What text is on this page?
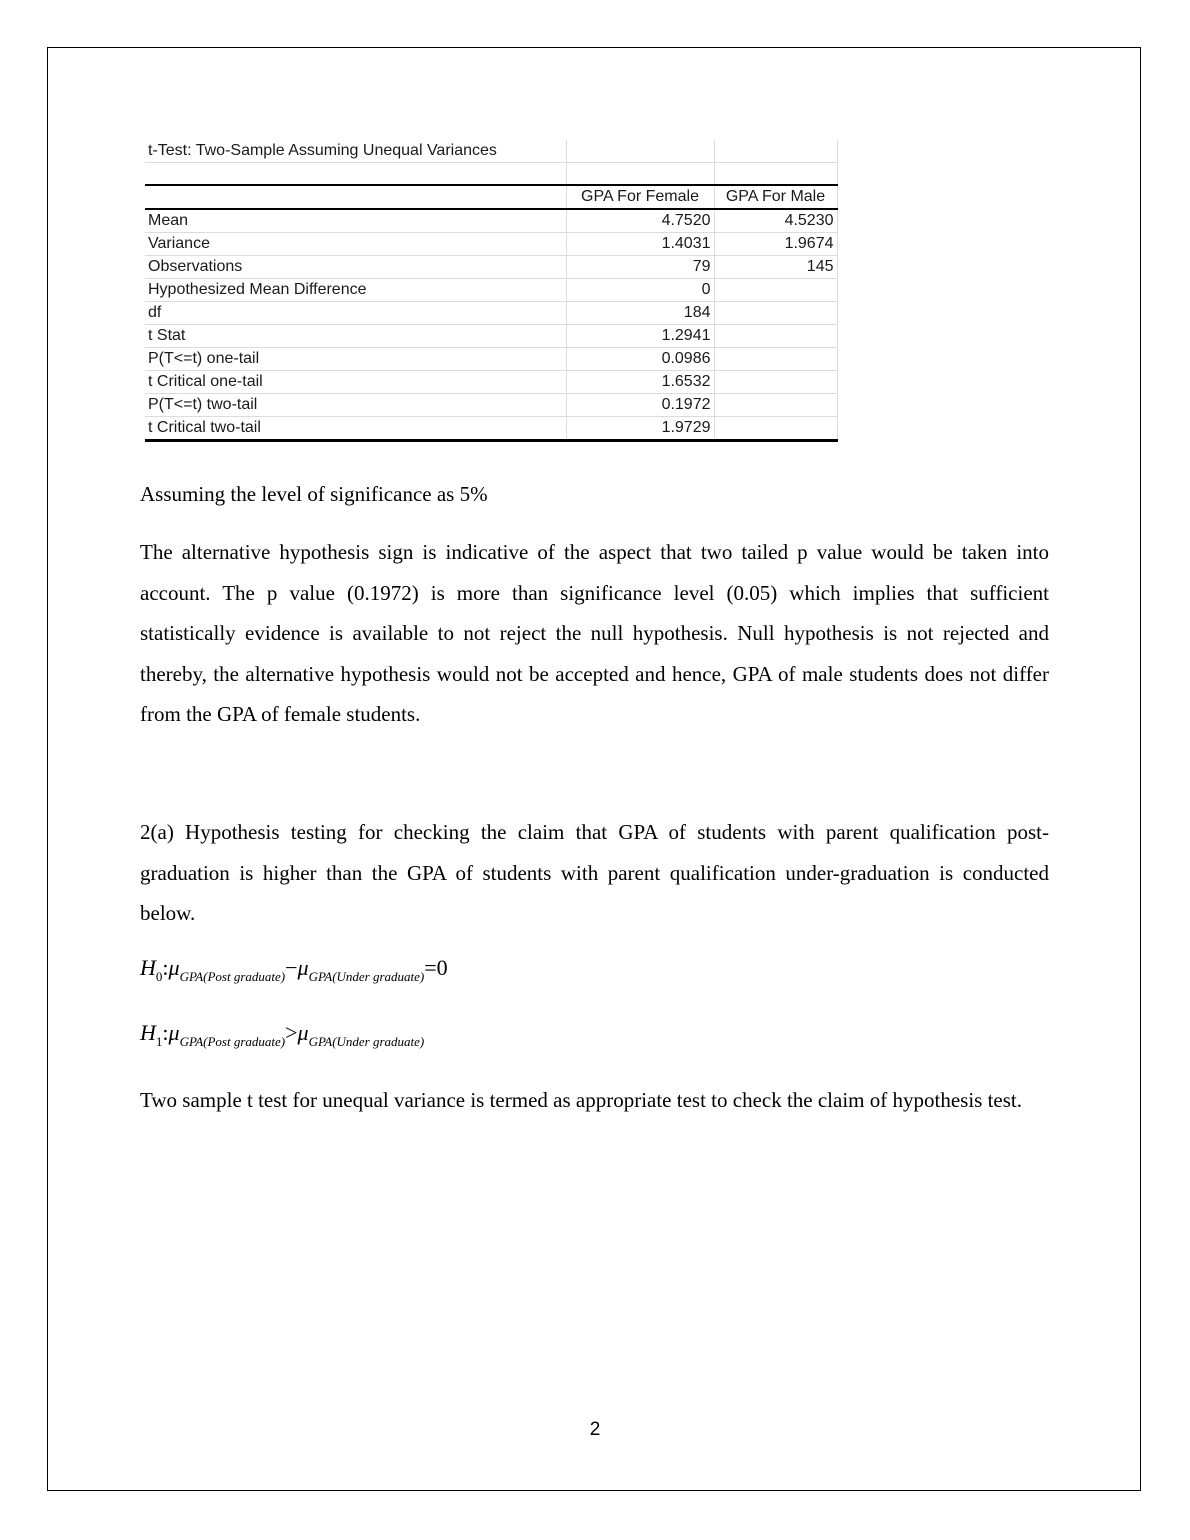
t-Test: Two-Sample Assuming Unequal Variances		

	GPA For Female	GPA For Male
Mean	4.7520	4.5230
Variance	1.4031	1.9674
Observations	79	145
Hypothesized Mean Difference	0	
df	184	
t Stat	1.2941	
P(T<=t) one-tail	0.0986	
t Critical one-tail	1.6532	
P(T<=t) two-tail	0.1972	
t Critical two-tail	1.9729	

Assuming the level of significance as 5%

The alternative hypothesis sign is indicative of the aspect that two tailed p value would be taken into account. The p value (0.1972) is more than significance level (0.05) which implies that sufficient statistically evidence is available to not reject the null hypothesis. Null hypothesis is not rejected and thereby, the alternative hypothesis would not be accepted and hence, GPA of male students does not differ from the GPA of female students.

2(a) Hypothesis testing for checking the claim that GPA of students with parent qualification post-graduation is higher than the GPA of students with parent qualification under-graduation is conducted below.

$H_0:\mu_{GPA(Post graduate)}-\mu_{GPA(Under graduate)}=0$
$H_1:\mu_{GPA(Post graduate)}>\mu_{GPA(Under graduate)}$

Two sample t test for unequal variance is termed as appropriate test to check the claim of hypothesis test.

2
